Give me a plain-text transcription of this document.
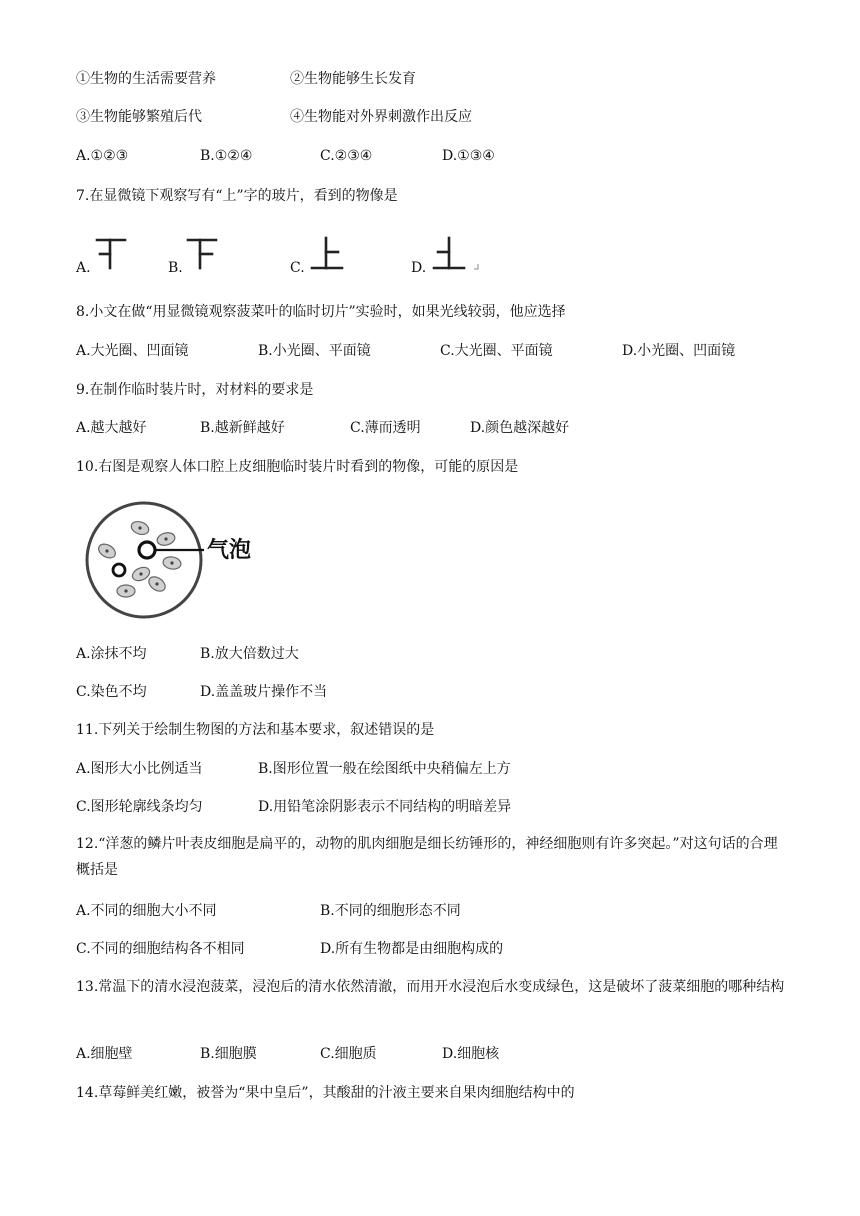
①生物的生活需要营养	②生物能够生长发育
③生物能够繁殖后代	④生物能对外界刺激作出反应
A.①②③	B.①②④	C.②③④	D.①③④
7.在显微镜下观察写有“上”字的玻片，看到的物像是
A.	B.	C.	D.
8.小文在做“用显微镜观察菠菜叶的临时切片”实验时，如果光线较弱，他应选择
A.大光圈、凹面镜	B.小光圈、平面镜	C.大光圈、平面镜	D.小光圈、凹面镜
9.在制作临时装片时，对材料的要求是
A.越大越好	B.越新鲜越好	C.薄而透明	D.颜色越深越好
10.右图是观察人体口腔上皮细胞临时装片时看到的物像，可能的原因是
气泡
A.涂抹不均	B.放大倍数过大
C.染色不均	D.盖盖玻片操作不当
11.下列关于绘制生物图的方法和基本要求，叙述错误的是
A.图形大小比例适当	B.图形位置一般在绘图纸中央稍偏左上方
C.图形轮廓线条均匀	D.用铅笔涂阴影表示不同结构的明暗差异
12.“洋葱的鳞片叶表皮细胞是扁平的，动物的肌肉细胞是细长纺锤形的，神经细胞则有许多突起。”对这句话的合理概括是
A.不同的细胞大小不同	B.不同的细胞形态不同
C.不同的细胞结构各不相同	D.所有生物都是由细胞构成的
13.常温下的清水浸泡菠菜，浸泡后的清水依然清澈，而用开水浸泡后水变成绿色，这是破坏了菠菜细胞的哪种结构
A.细胞壁	B.细胞膜	C.细胞质	D.细胞核
14.草莓鲜美红嫩，被誉为“果中皇后”，其酸甜的汁液主要来自果肉细胞结构中的
